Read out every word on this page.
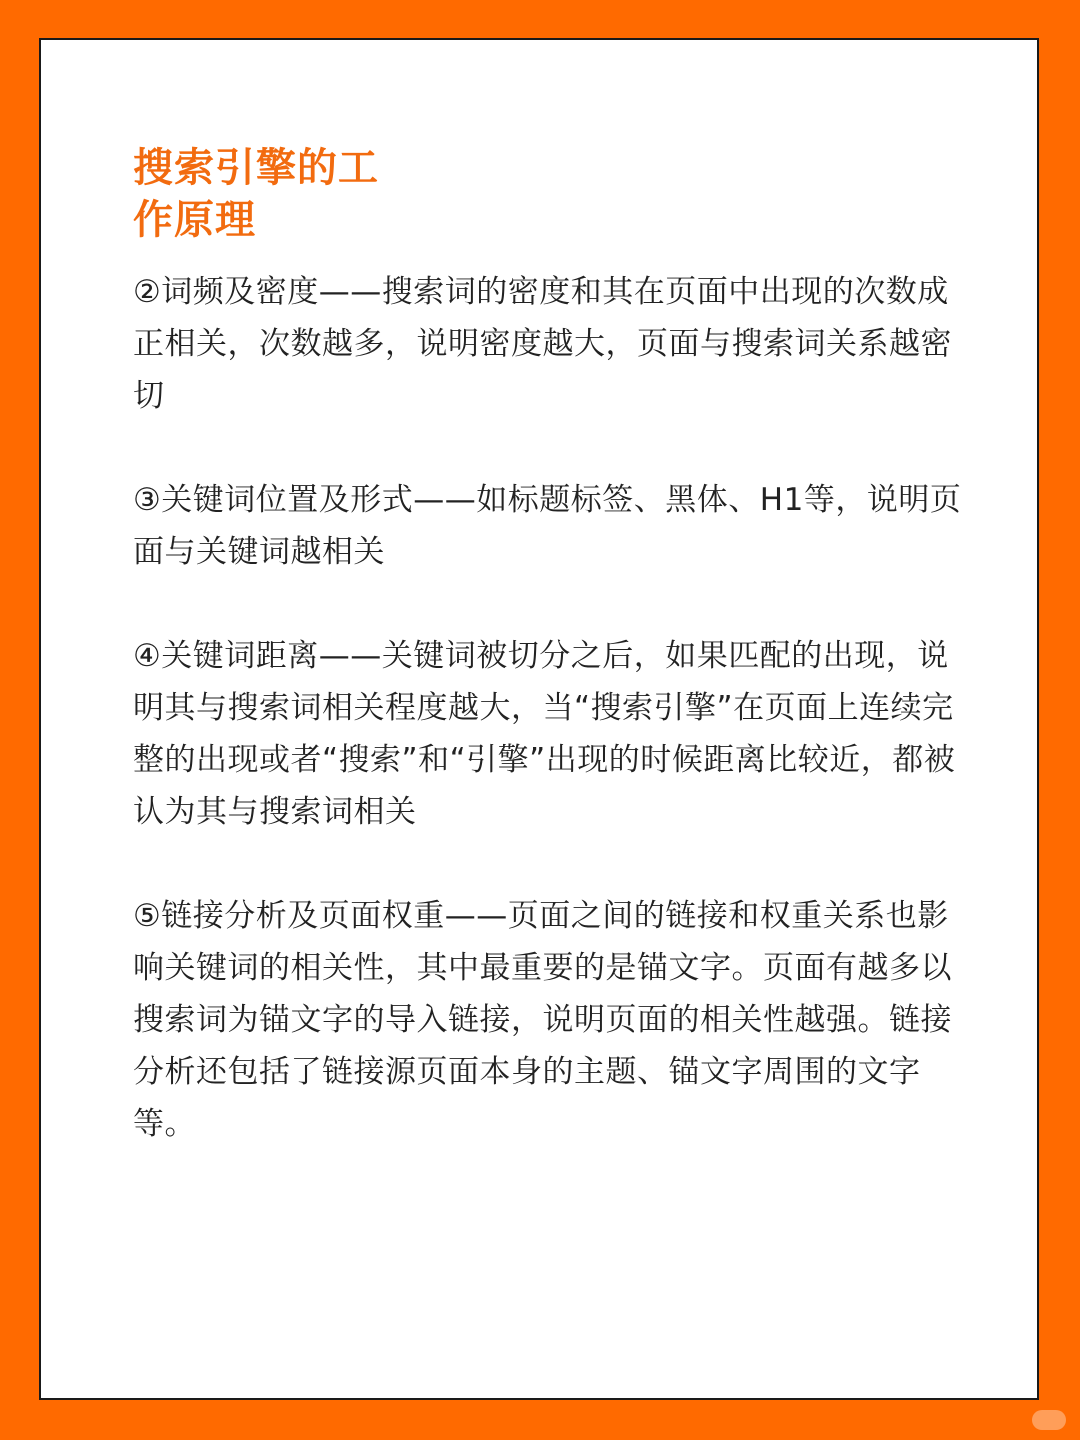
搜索引擎的工
作原理

②词频及密度——搜索词的密度和其在页面中出现的次数成正相关，次数越多，说明密度越大，页面与搜索词关系越密切

③关键词位置及形式——如标题标签、黑体、H1等，说明页面与关键词越相关

④关键词距离——关键词被切分之后，如果匹配的出现，说明其与搜索词相关程度越大，当“搜索引擎”在页面上连续完整的出现或者“搜索”和“引擎”出现的时候距离比较近，都被认为其与搜索词相关

⑤链接分析及页面权重——页面之间的链接和权重关系也影响关键词的相关性，其中最重要的是锚文字。页面有越多以搜索词为锚文字的导入链接，说明页面的相关性越强。链接分析还包括了链接源页面本身的主题、锚文字周围的文字等。
